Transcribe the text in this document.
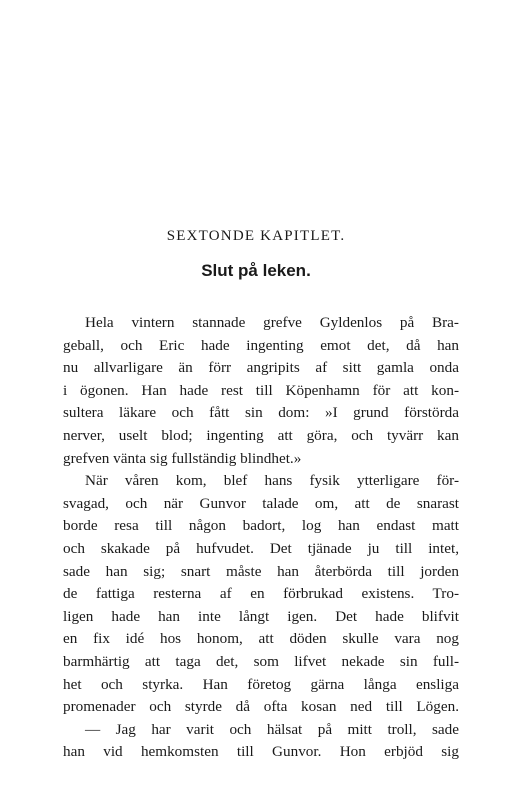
SEXTONDE KAPITLET.
Slut på leken.
Hela vintern stannade grefve Gyldenlos på Bra-
geball, och Eric hade ingenting emot det, då han
nu allvarligare än förr angripits af sitt gamla onda
i ögonen. Han hade rest till Köpenhamn för att kon-
sultera läkare och fått sin dom: »I grund förstörda
nerver, uselt blod; ingenting att göra, och tyvärr kan
grefven vänta sig fullständig blindhet.»
När våren kom, blef hans fysik ytterligare för-
svagad, och när Gunvor talade om, att de snarast
borde resa till någon badort, log han endast matt
och skakade på hufvudet. Det tjänade ju till intet,
sade han sig; snart måste han återbörda till jorden
de fattiga resterna af en förbrukad existens. Tro-
ligen hade han inte långt igen. Det hade blifvit
en fix idé hos honom, att döden skulle vara nog
barmhärtig att taga det, som lifvet nekade sin full-
het och styrka. Han företog gärna långa ensliga
promenader och styrde då ofta kosan ned till Lögen.
— Jag har varit och hälsat på mitt troll, sade
han vid hemkomsten till Gunvor. Hon erbjöd sig
